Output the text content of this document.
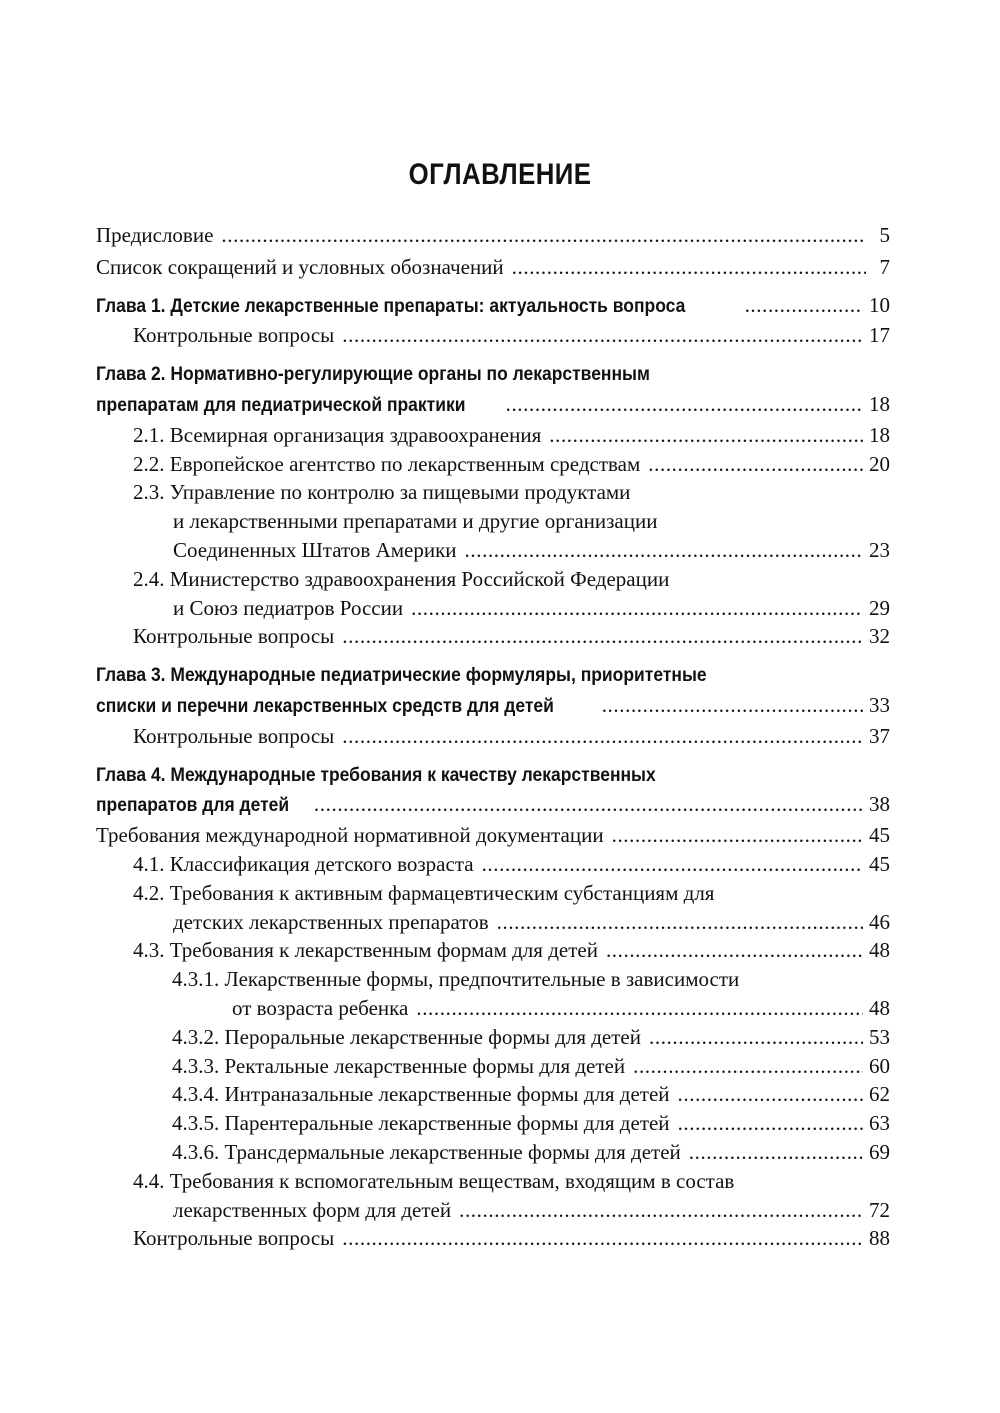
ОГЛАВЛЕНИЕ
Предисловие .....	5
Список сокращений и условных обозначений .....	7
Глава 1. Детские лекарственные препараты: актуальность вопроса .....	10
Контрольные вопросы .....	17
Глава 2. Нормативно-регулирующие органы по лекарственным
препаратам для педиатрической практики .....	18
2.1. Всемирная организация здравоохранения .....	18
2.2. Европейское агентство по лекарственным средствам .....	20
2.3. Управление по контролю за пищевыми продуктами
и лекарственными препаратами и другие организации
Соединенных Штатов Америки .....	23
2.4. Министерство здравоохранения Российской Федерации
и Союз педиатров России .....	29
Контрольные вопросы .....	32
Глава 3. Международные педиатрические формуляры, приоритетные
списки и перечни лекарственных средств для детей .....	33
Контрольные вопросы .....	37
Глава 4. Международные требования к качеству лекарственных
препаратов для детей .....	38
Требования международной нормативной документации .....	45
4.1. Классификация детского возраста .....	45
4.2. Требования к активным фармацевтическим субстанциям для
детских лекарственных препаратов .....	46
4.3. Требования к лекарственным формам для детей .....	48
4.3.1. Лекарственные формы, предпочтительные в зависимости
от возраста ребенка .....	48
4.3.2. Пероральные лекарственные формы для детей .....	53
4.3.3. Ректальные лекарственные формы для детей .....	60
4.3.4. Интраназальные лекарственные формы для детей .....	62
4.3.5. Парентеральные лекарственные формы для детей .....	63
4.3.6. Трансдермальные лекарственные формы для детей .....	69
4.4. Требования к вспомогательным веществам, входящим в состав
лекарственных форм для детей .....	72
Контрольные вопросы .....	88
